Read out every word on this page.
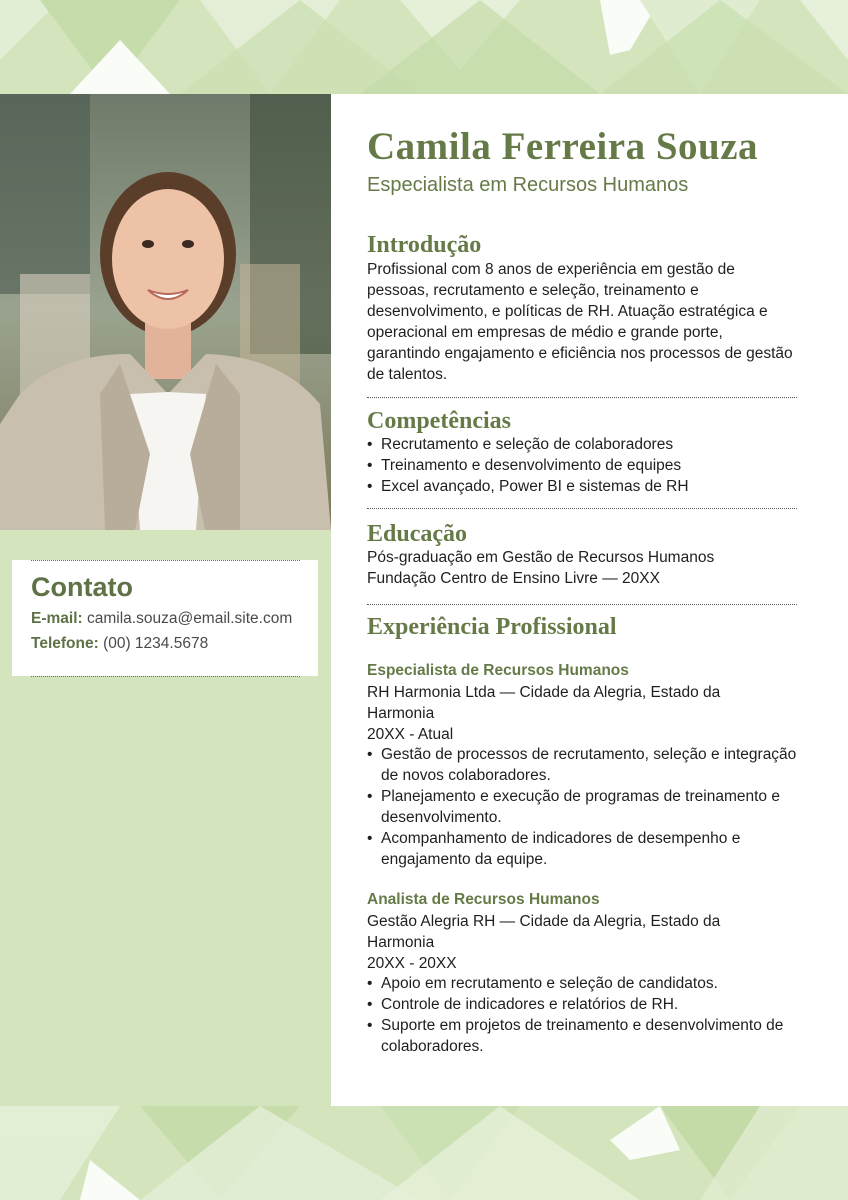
Contato
E-mail: camila.souza@email.site.com
Telefone: (00) 1234.5678
Camila Ferreira Souza
Especialista em Recursos Humanos
Introdução
Profissional com 8 anos de experiência em gestão de pessoas, recrutamento e seleção, treinamento e desenvolvimento, e políticas de RH. Atuação estratégica e operacional em empresas de médio e grande porte, garantindo engajamento e eficiência nos processos de gestão de talentos.
Competências
• Recrutamento e seleção de colaboradores
• Treinamento e desenvolvimento de equipes
• Excel avançado, Power BI e sistemas de RH
Educação
Pós-graduação em Gestão de Recursos Humanos
Fundação Centro de Ensino Livre — 20XX
Experiência Profissional
Especialista de Recursos Humanos
RH Harmonia Ltda — Cidade da Alegria, Estado da Harmonia
20XX - Atual
• Gestão de processos de recrutamento, seleção e integração de novos colaboradores.
• Planejamento e execução de programas de treinamento e desenvolvimento.
• Acompanhamento de indicadores de desempenho e engajamento da equipe.
Analista de Recursos Humanos
Gestão Alegria RH — Cidade da Alegria, Estado da Harmonia
20XX - 20XX
• Apoio em recrutamento e seleção de candidatos.
• Controle de indicadores e relatórios de RH.
• Suporte em projetos de treinamento e desenvolvimento de colaboradores.
